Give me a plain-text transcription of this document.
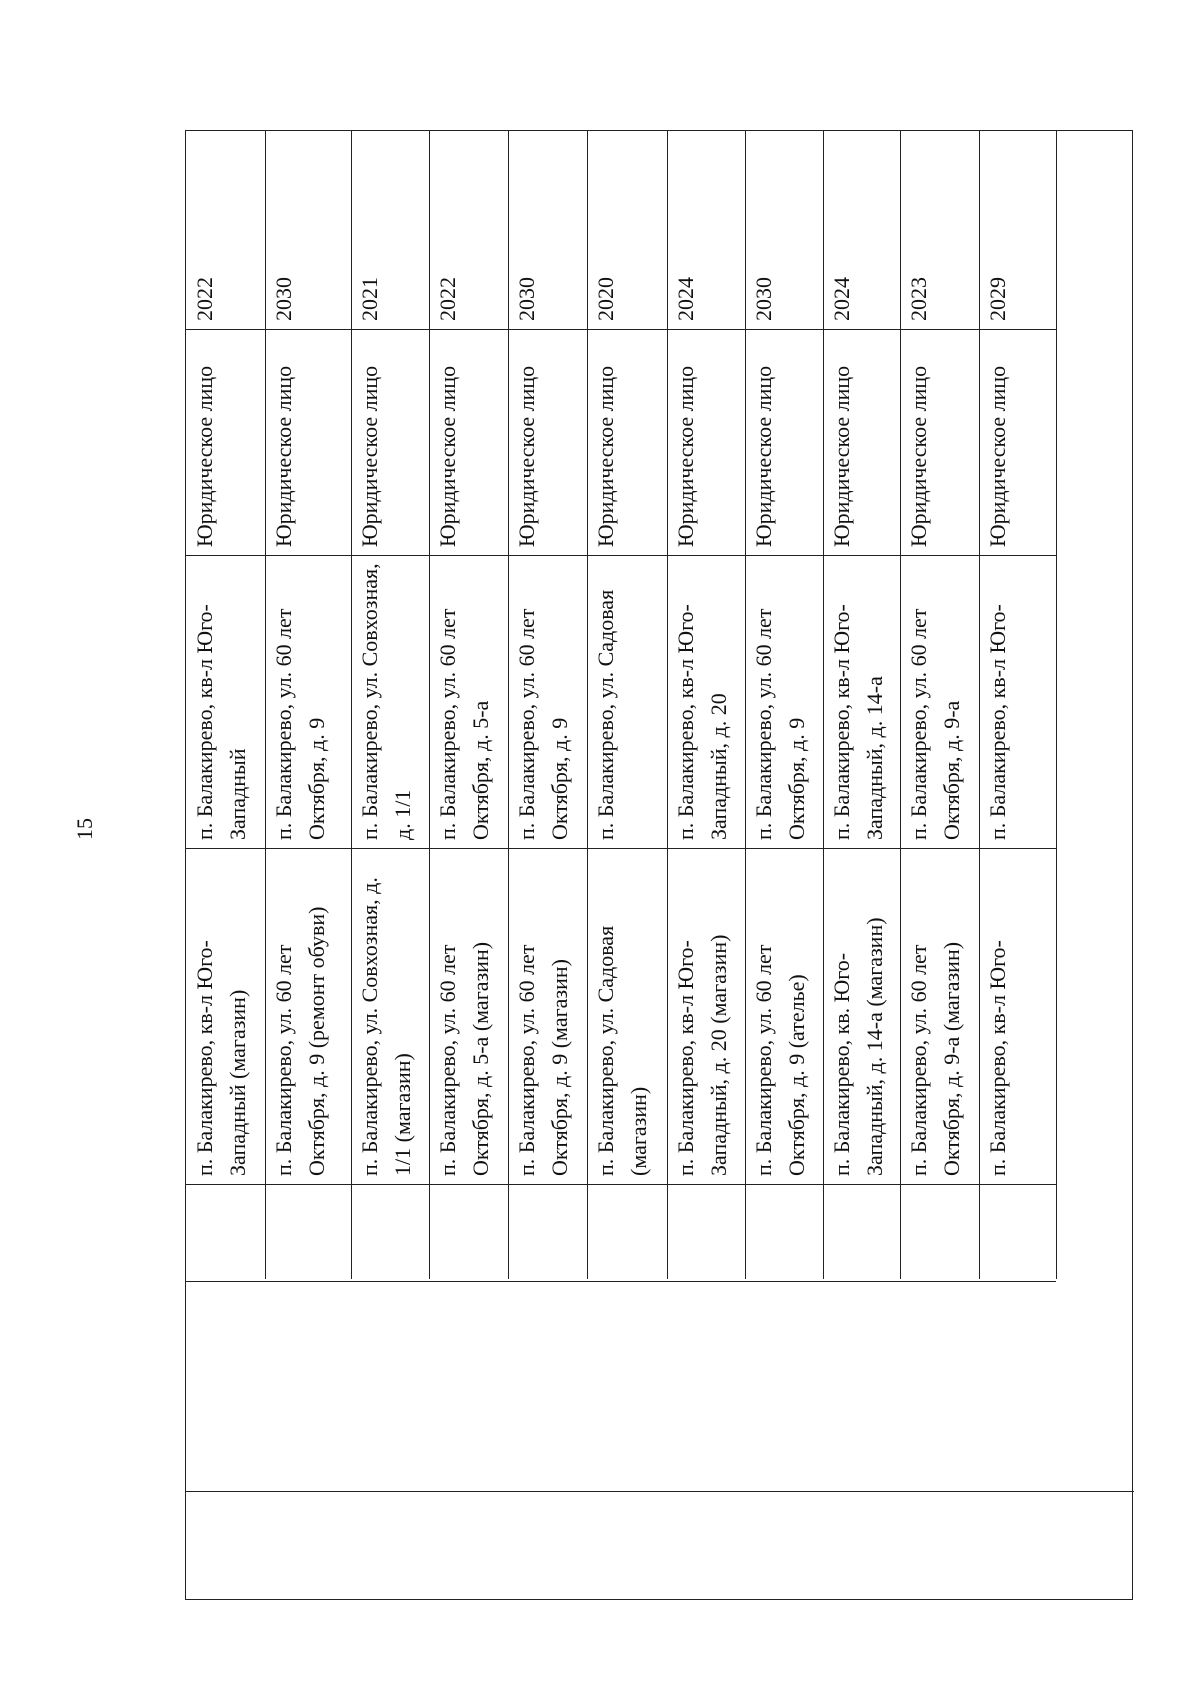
15
2022
Юридическое лицо
п. Балакирево, кв-л Юго-Западный
п. Балакирево, кв-л Юго-Западный (магазин)
2030
Юридическое лицо
п. Балакирево, ул. 60 лет Октября, д. 9
п. Балакирево, ул. 60 лет Октября, д. 9 (ремонт обуви)
2021
Юридическое лицо
п. Балакирево, ул. Совхозная, д. 1/1
п. Балакирево, ул. Совхозная, д. 1/1 (магазин)
2022
Юридическое лицо
п. Балакирево, ул. 60 лет Октября, д. 5-а
п. Балакирево, ул. 60 лет Октября, д. 5-а (магазин)
2030
Юридическое лицо
п. Балакирево, ул. 60 лет Октября, д. 9
п. Балакирево, ул. 60 лет Октября, д. 9 (магазин)
2020
Юридическое лицо
п. Балакирево, ул. Садовая
п. Балакирево, ул. Садовая (магазин)
2024
Юридическое лицо
п. Балакирево, кв-л Юго-Западный, д. 20
п. Балакирево, кв-л Юго-Западный, д. 20 (магазин)
2030
Юридическое лицо
п. Балакирево, ул. 60 лет Октября, д. 9
п. Балакирево, ул. 60 лет Октября, д. 9 (ателье)
2024
Юридическое лицо
п. Балакирево, кв-л Юго-Западный, д. 14-а
п. Балакирево, кв. Юго-Западный, д. 14-а (магазин)
2023
Юридическое лицо
п. Балакирево, ул. 60 лет Октября, д. 9-а
п. Балакирево, ул. 60 лет Октября, д. 9-а (магазин)
2029
Юридическое лицо
п. Балакирево, кв-л Юго-
п. Балакирево, кв-л Юго-
